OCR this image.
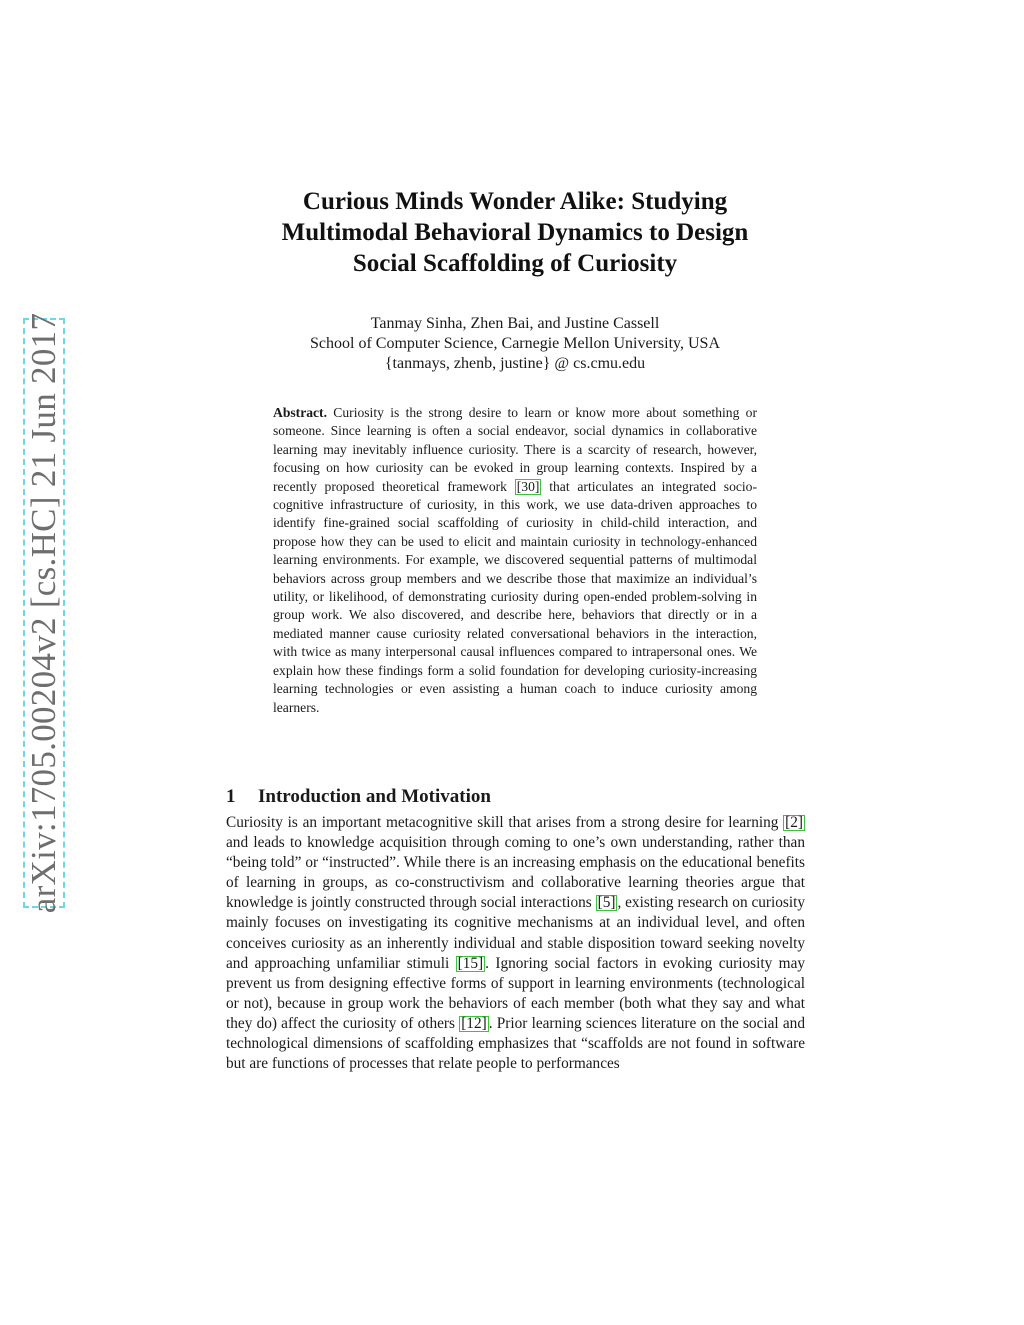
arXiv:1705.00204v2 [cs.HC] 21 Jun 2017
Curious Minds Wonder Alike: Studying
Multimodal Behavioral Dynamics to Design
Social Scaffolding of Curiosity
Tanmay Sinha, Zhen Bai, and Justine Cassell
School of Computer Science, Carnegie Mellon University, USA
{tanmays, zhenb, justine} @ cs.cmu.edu
Abstract. Curiosity is the strong desire to learn or know more about something or someone. Since learning is often a social endeavor, social dynamics in collaborative learning may inevitably influence curiosity. There is a scarcity of research, however, focusing on how curiosity can be evoked in group learning contexts. Inspired by a recently proposed theoretical framework [30] that articulates an integrated socio-cognitive infrastructure of curiosity, in this work, we use data-driven approaches to identify fine-grained social scaffolding of curiosity in child-child interaction, and propose how they can be used to elicit and maintain curiosity in technology-enhanced learning environments. For example, we discovered sequential patterns of multimodal behaviors across group members and we describe those that maximize an individual’s utility, or likelihood, of demonstrating curiosity during open-ended problem-solving in group work. We also discovered, and describe here, behaviors that directly or in a mediated manner cause curiosity related conversational behaviors in the interaction, with twice as many interpersonal causal influences compared to intrapersonal ones. We explain how these findings form a solid foundation for developing curiosity-increasing learning technologies or even assisting a human coach to induce curiosity among learners.
1 Introduction and Motivation
Curiosity is an important metacognitive skill that arises from a strong desire for learning [2] and leads to knowledge acquisition through coming to one’s own understanding, rather than “being told” or “instructed”. While there is an increasing emphasis on the educational benefits of learning in groups, as co-constructivism and collaborative learning theories argue that knowledge is jointly constructed through social interactions [5] , existing research on curiosity mainly focuses on investigating its cognitive mechanisms at an individual level, and often conceives curiosity as an inherently individual and stable disposition toward seeking novelty and approaching unfamiliar stimuli [15] . Ignoring social factors in evoking curiosity may prevent us from designing effective forms of support in learning environments (technological or not), because in group work the behaviors of each member (both what they say and what they do) affect the curiosity of others [12] . Prior learning sciences literature on the social and technological dimensions of scaffolding emphasizes that “scaffolds are not found in software but are functions of processes that relate people to performances
